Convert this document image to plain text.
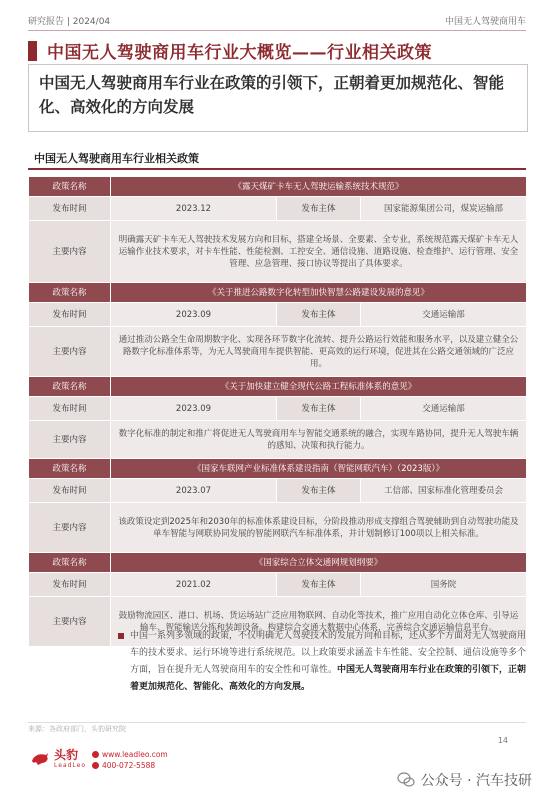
研究报告 | 2024/04	中国无人驾驶商用车
中国无人驾驶商用车行业大概览——行业相关政策
中国无人驾驶商用车行业在政策的引领下，正朝着更加规范化、智能化、高效化的方向发展
中国无人驾驶商用车行业相关政策
政策名称	《露天煤矿卡车无人驾驶运输系统技术规范》		
发布时间	2023.12	发布主体	国家能源集团公司，煤炭运输部
主要内容	明确露天矿卡车无人驾驶技术发展方向和目标，搭建全场景、全要素、全专业，系统规范露天煤矿卡车无人运输作业技术要求，对卡车性能、性能检测、工控安全、通信设施、道路设施、检查维护、运行管理、安全管理、应急管理、接口协议等提出了具体要求。		
政策名称	《关于推进公路数字化转型加快智慧公路建设发展的意见》		
发布时间	2023.09	发布主体	交通运输部
主要内容	通过推动公路全生命周期数字化、实现各环节数字化流转、提升公路运行效能和服务水平，以及建立健全公路数字化标准体系等，为无人驾驶商用车提供智能、更高效的运行环境，促进其在公路交通领域的广泛应用。		
政策名称	《关于加快建立健全现代公路工程标准体系的意见》		
发布时间	2023.09	发布主体	交通运输部
主要内容	数字化标准的制定和推广将促进无人驾驶商用车与智能交通系统的融合，实现车路协同，提升无人驾驶车辆的感知、决策和执行能力。		
政策名称	《国家车联网产业标准体系建设指南（智能网联汽车）（2023版）》		
发布时间	2023.07	发布主体	工信部、国家标准化管理委员会
主要内容	该政策设定到2025年和2030年的标准体系建设目标，分阶段推动形成支撑组合驾驶辅助到自动驾驶功能及单车智能与网联协同发展的智能网联汽车标准体系，并计划制修订100项以上相关标准。		
政策名称	《国家综合立体交通网规划纲要》		
发布时间	2021.02	发布主体	国务院
主要内容	鼓励物流园区、港口、机场、货运场站广泛应用物联网、自动化等技术，推广应用自动化立体仓库、引导运输车、智能输送分拣和装卸设备。构建综合交通大数据中心体系，完善综合交通运输信息平台。		
中国一系列多领域的政策，不仅明确无人驾驶技术的发展方向和目标，还从多个方面对无人驾驶商用车的技术要求、运行环境等进行系统规范。以上政策要求涵盖卡车性能、安全控制、通信设施等多个方面，旨在提升无人驾驶商用车的安全性和可靠性。中国无人驾驶商用车行业在政策的引领下，正朝着更加规范化、智能化、高效化的方向发展。
来源：各政府部门，头豹研究院
头豹
LeadLeo
www.leadleo.com
400-072-5588
14
公众号 · 汽车技研
